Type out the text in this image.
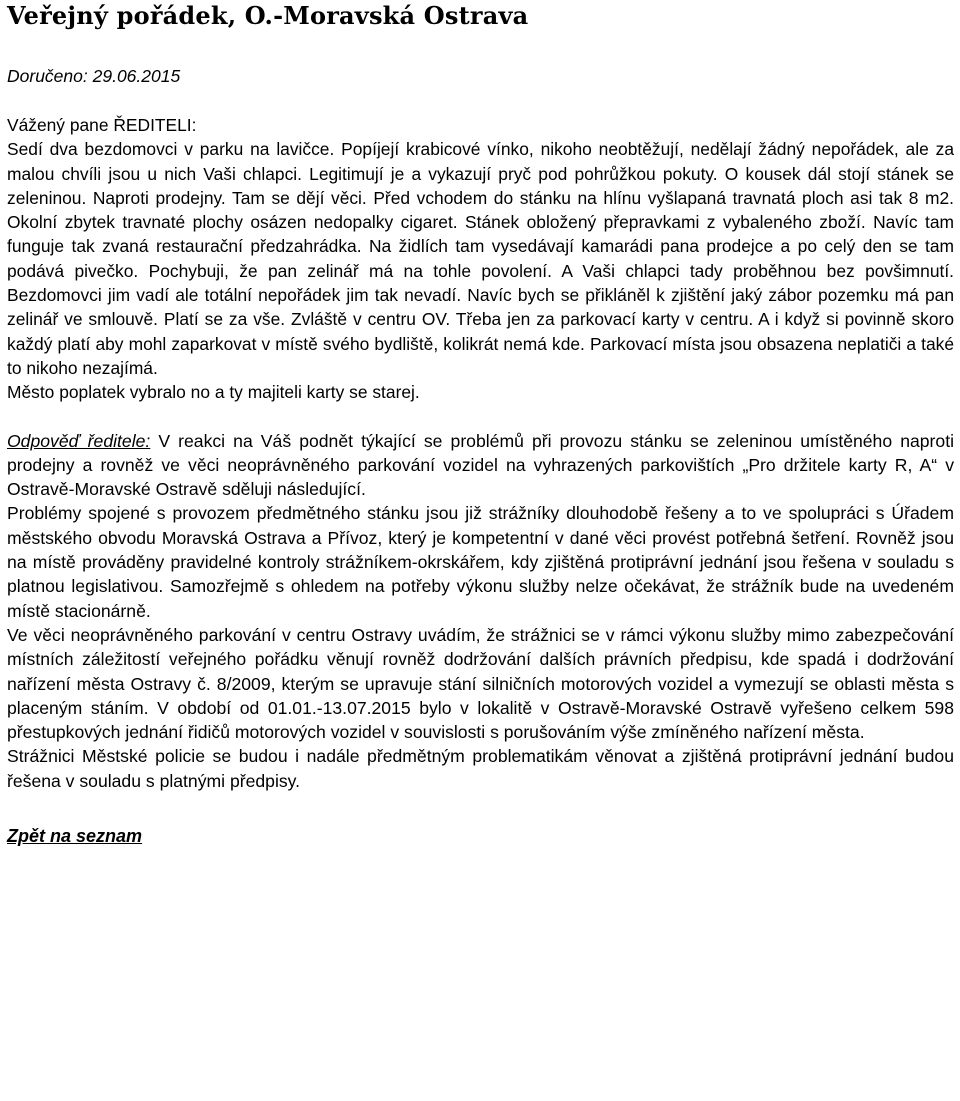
Veřejný pořádek, O.-Moravská Ostrava
Doručeno: 29.06.2015

Vážený pane ŘEDITELI:

Sedí dva bezdomovci v parku na lavičce. Popíjejí krabicové vínko, nikoho neobtěžují, nedělají žádný nepořádek, ale za malou chvíli jsou u nich Vaši chlapci. Legitimují je a vykazují pryč pod pohrůžkou pokuty. O kousek dál stojí stánek se zeleninou. Naproti prodejny. Tam se dějí věci. Před vchodem do stánku na hlínu vyšlapaná travnatá ploch asi tak 8 m2. Okolní zbytek travnaté plochy osázen nedopalky cigaret. Stánek obložený přepravkami z vybaleného zboží. Navíc tam funguje tak zvaná restaurační předzahrádka. Na židlích tam vysedávají kamarádi pana prodejce a po celý den se tam podává pivečko. Pochybuji, že pan zelinář má na tohle povolení. A Vaši chlapci tady proběhnou bez povšimnutí. Bezdomovci jim vadí ale totální nepořádek jim tak nevadí. Navíc bych se přikláněl k zjištění jaký zábor pozemku má pan zelinář ve smlouvě. Platí se za vše. Zvláště v centru OV. Třeba jen za parkovací karty v centru. A i když si povinně skoro každý platí aby mohl zaparkovat v místě svého bydliště, kolikrát nemá kde. Parkovací místa jsou obsazena neplatiči a také to nikoho nezajímá.

Město poplatek vybralo no a ty majiteli karty se starej.

Odpověď ředitele: V reakci na Váš podnět týkající se problémů při provozu stánku se zeleninou umístěného naproti prodejny a rovněž ve věci neoprávněného parkování vozidel na vyhrazených parkovištích „Pro držitele karty R, A“ v Ostravě-Moravské Ostravě sděluji následující.

Problémy spojené s provozem předmětného stánku jsou již strážníky dlouhodobě řešeny a to ve spolupráci s Úřadem městského obvodu Moravská Ostrava a Přívoz, který je kompetentní v dané věci provést potřebná šetření. Rovněž jsou na místě prováděny pravidelné kontroly strážníkem-okrskářem, kdy zjištěná protiprávní jednání jsou řešena v souladu s platnou legislativou. Samozřejmě s ohledem na potřeby výkonu služby nelze očekávat, že strážník bude na uvedeném místě stacionárně.

Ve věci neoprávněného parkování v centru Ostravy uvádím, že strážnici se v rámci výkonu služby mimo zabezpečování místních záležitostí veřejného pořádku věnují rovněž dodržování dalších právních předpisu, kde spadá i dodržování nařízení města Ostravy č. 8/2009, kterým se upravuje stání silničních motorových vozidel a vymezují se oblasti města s placeným stáním. V období od 01.01.-13.07.2015 bylo v lokalitě v Ostravě-Moravské Ostravě vyřešeno celkem 598 přestupkových jednání řidičů motorových vozidel v souvislosti s porušováním výše zmíněného nařízení města.

Strážnici Městské policie se budou i nadále předmětným problematikám věnovat a zjištěná protiprávní jednání budou řešena v souladu s platnými předpisy.

Zpět na seznam
